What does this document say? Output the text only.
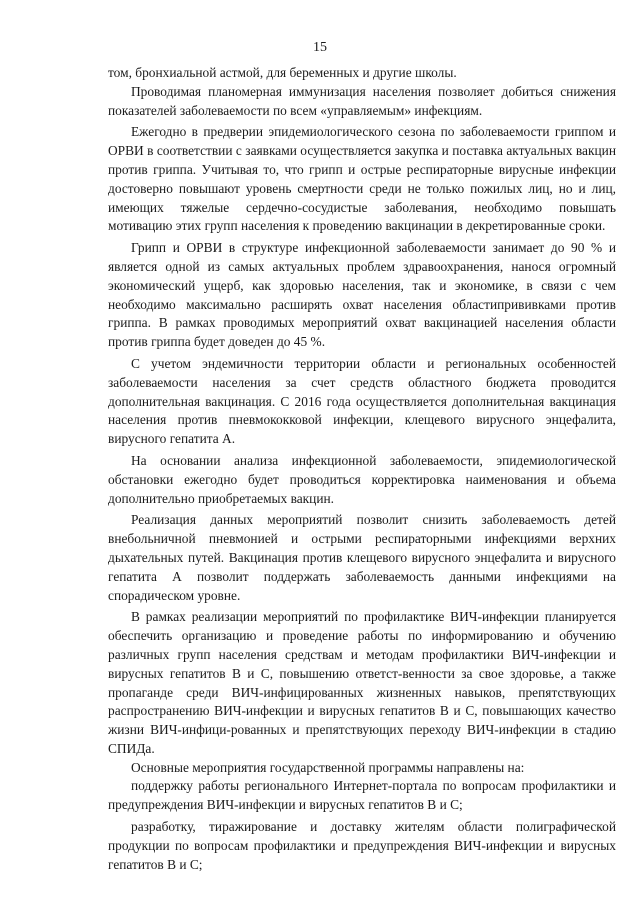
15

том, бронхиальной астмой, для беременных и другие школы.

Проводимая планомерная иммунизация населения позволяет добиться снижения показателей заболеваемости по всем «управляемым» инфекциям.

Ежегодно в предверии эпидемиологического сезона по заболеваемости гриппом и ОРВИ в соответствии с заявками осуществляется закупка и поставка актуальных вакцин против гриппа. Учитывая то, что грипп и острые респираторные вирусные инфекции достоверно повышают уровень смертности среди не только пожилых лиц, но и лиц, имеющих тяжелые сердечно-сосудистые заболевания, необходимо повышать мотивацию этих групп населения к проведению вакцинации в декретированные сроки.

Грипп и ОРВИ в структуре инфекционной заболеваемости занимает до 90 % и является одной из самых актуальных проблем здравоохранения, нанося огромный экономический ущерб, как здоровью населения, так и экономике, в связи с чем необходимо максимально расширять охват населения областипрививками против гриппа. В рамках проводимых мероприятий охват вакцинацией населения области против гриппа будет доведен до 45 %.

С учетом эндемичности территории области и региональных особенностей заболеваемости населения за счет средств областного бюджета проводится дополнительная вакцинация. С 2016 года осуществляется дополнительная вакцинация населения против пневмококковой инфекции, клещевого вирусного энцефалита, вирусного гепатита А.

На основании анализа инфекционной заболеваемости, эпидемиологической обстановки ежегодно будет проводиться корректировка наименования и объема дополнительно приобретаемых вакцин.

Реализация данных мероприятий позволит снизить заболеваемость детей внебольничной пневмонией и острыми респираторными инфекциями верхних дыхательных путей. Вакцинация против клещевого вирусного энцефалита и вирусного гепатита А позволит поддержать заболеваемость данными инфекциями на спорадическом уровне.

В рамках реализации мероприятий по профилактике ВИЧ-инфекции планируется обеспечить организацию и проведение работы по информированию и обучению различных групп населения средствам и методам профилактики ВИЧ-инфекции и вирусных гепатитов В и С, повышению ответст-венности за свое здоровье, а также пропаганде среди ВИЧ-инфицированных жизненных навыков, препятствующих распространению ВИЧ-инфекции и вирусных гепатитов В и С, повышающих качество жизни ВИЧ-инфици-рованных и препятствующих переходу ВИЧ-инфекции в стадию СПИДа.

Основные мероприятия государственной программы направлены на:

поддержку работы регионального Интернет-портала по вопросам профилактики и предупреждения ВИЧ-инфекции и вирусных гепатитов В и С;

разработку, тиражирование и доставку жителям области полиграфической продукции по вопросам профилактики и предупреждения ВИЧ-инфекции и вирусных гепатитов В и С;
